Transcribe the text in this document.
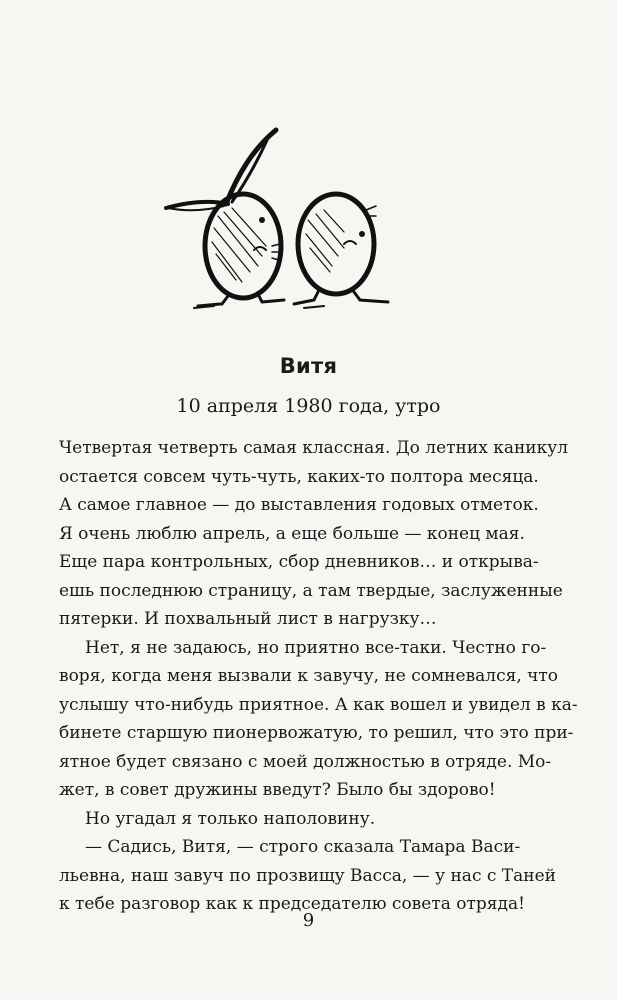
Витя
10 апреля 1980 года, утро
Четвертая четверть самая классная. До летних каникул
остается совсем чуть-чуть, каких-то полтора месяца.
А самое главное — до выставления годовых отметок.
Я очень люблю апрель, а еще больше — конец мая.
Еще пара контрольных, сбор дневников… и открыва-
ешь последнюю страницу, а там твердые, заслуженные
пятерки. И похвальный лист в нагрузку…
Нет, я не задаюсь, но приятно все-таки. Честно го-
воря, когда меня вызвали к завучу, не сомневался, что
услышу что-нибудь приятное. А как вошел и увидел в ка-
бинете старшую пионервожатую, то решил, что это при-
ятное будет связано с моей должностью в отряде. Мо-
жет, в совет дружины введут? Было бы здорово!
Но угадал я только наполовину.
— Садись, Витя, — строго сказала Тамара Васи-
льевна, наш завуч по прозвищу Васса, — у нас с Таней
к тебе разговор как к председателю совета отряда!
9
